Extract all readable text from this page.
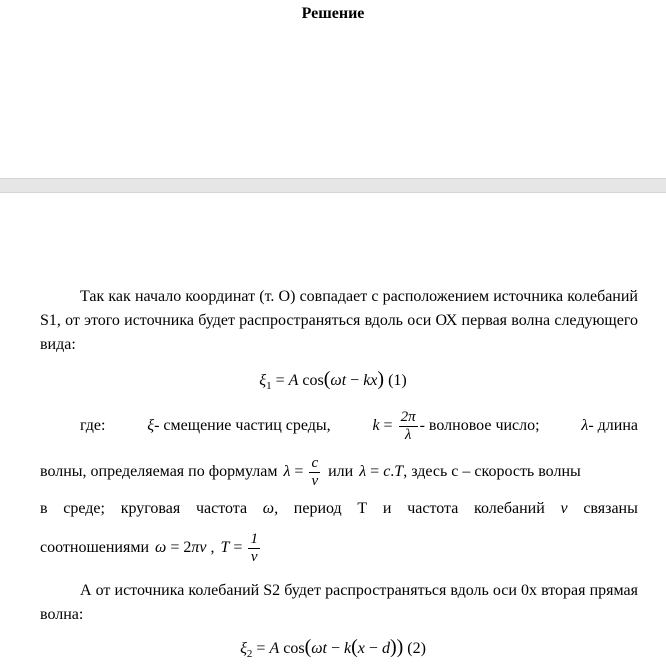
Решение
Так как начало координат (т. О) совпадает с расположением источника колебаний S1, от этого источника будет распространяться вдоль оси ОХ первая волна следующего вида:
$\xi_1 = A$ cos(ωt − kx) (1)
где:	ξ- смещение частиц среды,	$k = \frac{2\pi}{\lambda}$ - волновое число;	λ- длина
волны, определяемая по формулам $\lambda = \frac{c}{\nu}$ или λ = c.T , здесь с – скорость волны
в среде; круговая частота ω, период Т и частота колебаний ν связаны
соотношениями ω = 2πν , $T = \frac{1}{\nu}$
А от источника колебаний S2 будет распространяться вдоль оси 0х вторая прямая волна:
$\xi_2 = A$ cos(ωt − k(x − d)) (2)
